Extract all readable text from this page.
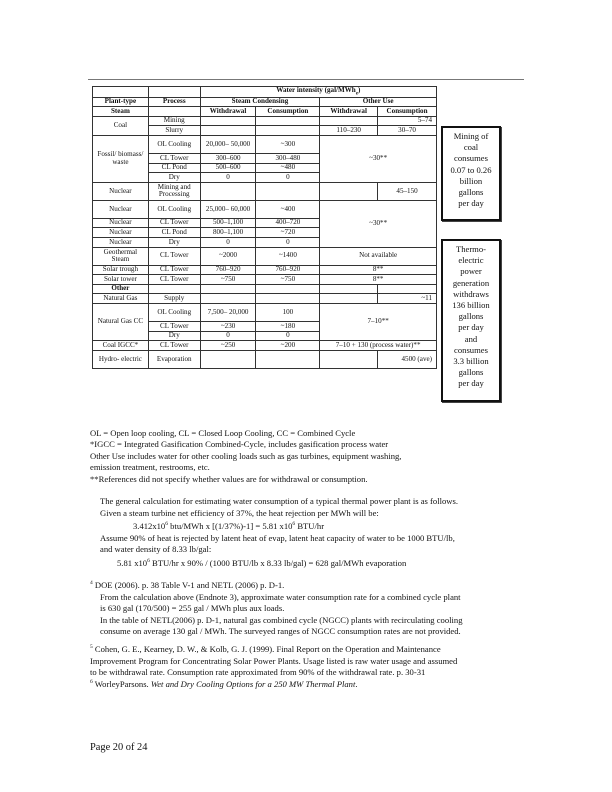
		Water intensity (gal/MWh$_e$)			
Plant-type	Process	Steam Condensing		Other Use	
Steam		Withdrawal	Consumption	Withdrawal	Consumption
Coal	Mining				5–74
	Slurry			110–230	30–70
Fossil/ biomass/ waste	OL Cooling	20,000– 50,000	~300	~30**	
	CL Tower	300–600	300–480		
	CL Pond	500–600	~480		
	Dry	0	0		
Nuclear	Mining and Processing				45–150
Nuclear	OL Cooling	25,000– 60,000	~400	~30**	
Nuclear	CL Tower	500–1,100	400–720		
Nuclear	CL Pond	800–1,100	~720		
Nuclear	Dry	0	0		
Geothermal Steam	CL Tower	~2000	~1400	Not available	
Solar trough	CL Tower	760–920	760–920	8**	
Solar tower	CL Tower	~750	~750	8**	
Other					
Natural Gas	Supply				~11
Natural Gas CC	OL Cooling	7,500– 20,000	100	7–10**	
	CL Tower	~230	~180		
	Dry	0	0		
Coal IGCC*	CL Tower	~250	~200	7–10 + 130 (process water)**	
Hydro- electric	Evaporation				4500 (ave)
Mining of
coal
consumes
0.07 to 0.26
billion
gallons
per day
Thermo-
electric
power
generation
withdraws
136 billion
gallons
per day
and
consumes
3.3 billion
gallons
per day

OL = Open loop cooling, CL = Closed Loop Cooling, CC = Combined Cycle

*IGCC = Integrated Gasification Combined-Cycle, includes gasification process water

Other Use includes water for other cooling loads such as gas turbines, equipment washing,

emission treatment, restrooms, etc.

**References did not specify whether values are for withdrawal or consumption.

The general calculation for estimating water consumption of a typical thermal power plant is as follows.

Given a steam turbine net efficiency of 37%, the heat rejection per MWh will be:

$3.412x10^6$ btu/MWh x [(1/37%)-1] = 5.81 $x10^6$ BTU/hr

Assume 90% of heat is rejected by latent heat of evap, latent heat capacity of water to be 1000 BTU/lb,

and water density of 8.33 lb/gal:

5.81 $x10^6$ BTU/hr x 90% / (1000 BTU/lb x 8.33 lb/gal) = 628 gal/MWh evaporation

$^4$ DOE (2006). p. 38 Table V-1 and NETL (2006) p. D-1.

From the calculation above (Endnote 3), approximate water consumption rate for a combined cycle plant

is 630 gal (170/500) = 255 gal / MWh plus aux loads.

In the table of NETL(2006) p. D-1, natural gas combined cycle (NGCC) plants with recirculating cooling

consume on average 130 gal / MWh. The surveyed ranges of NGCC consumption rates are not provided.

$^5$ Cohen, G. E., Kearney, D. W., & Kolb, G. J. (1999). Final Report on the Operation and Maintenance

Improvement Program for Concentrating Solar Power Plants. Usage listed is raw water usage and assumed

to be withdrawal rate. Consumption rate approximated from 90% of the withdrawal rate. p. 30-31

$^6$ WorleyParsons. Wet and Dry Cooling Options for a 250 MW Thermal Plant.

Page 20 of 24
